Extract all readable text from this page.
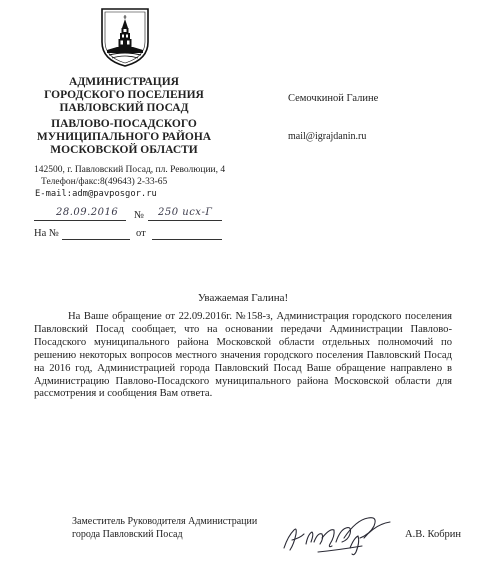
АДМИНИСТРАЦИЯ
ГОРОДСКОГО ПОСЕЛЕНИЯ
ПАВЛОВСКИЙ ПОСАД
ПАВЛОВО-ПОСАДСКОГО
МУНИЦИПАЛЬНОГО РАЙОНА
МОСКОВСКОЙ ОБЛАСТИ
142500, г. Павловский Посад, пл. Революции, 4
Телефон/факс:8(49643) 2-33-65
E-mail:adm@pavposgor.ru
28.09.2016 № 250 исх-Г
На №	от
Семочкиной Галине
mail@igrajdanin.ru
Уважаемая Галина!
На Ваше обращение от 22.09.2016г. №158-з, Администрация городского поселения Павловский Посад сообщает, что на основании передачи Администрации Павлово-Посадского муниципального района Московской области отдельных полномочий по решению некоторых вопросов местного значения городского поселения Павловский Посад на 2016 год, Администрацией города Павловский Посад Ваше обращение направлено в Администрацию Павлово-Посадского муниципального района Московской области для рассмотрения и сообщения Вам ответа.
Заместитель Руководителя Администрации
города Павловский Посад	А.В. Кобрин
